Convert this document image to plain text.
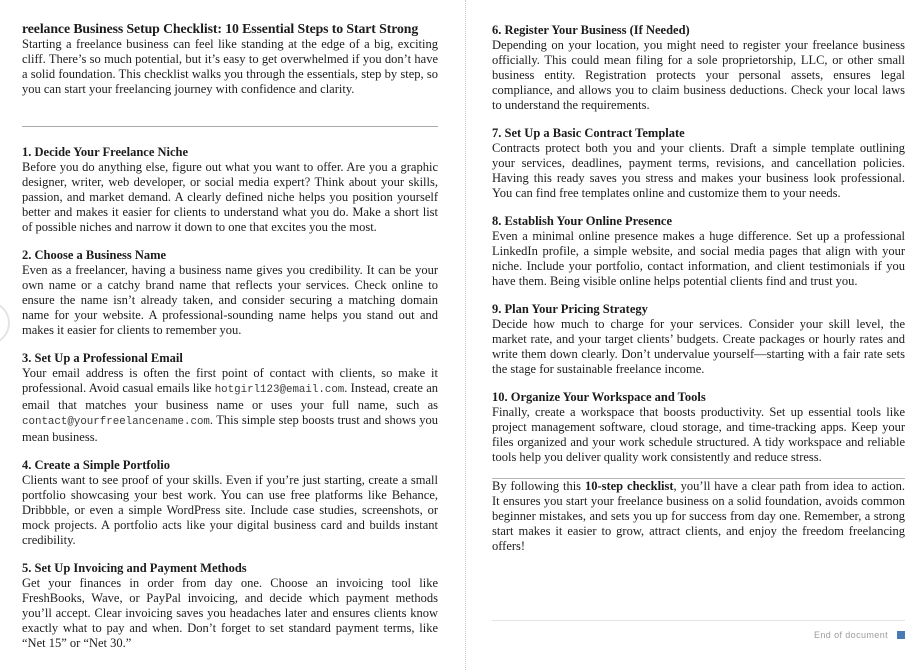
reelance Business Setup Checklist: 10 Essential Steps to Start Strong

Starting a freelance business can feel like standing at the edge of a big, exciting cliff. There’s so much potential, but it’s easy to get overwhelmed if you don’t have a solid foundation. This checklist walks you through the essentials, step by step, so you can start your freelancing journey with confidence and clarity.

1. Decide Your Freelance Niche

Before you do anything else, figure out what you want to offer. Are you a graphic designer, writer, web developer, or social media expert? Think about your skills, passion, and market demand. A clearly defined niche helps you position yourself better and makes it easier for clients to understand what you do. Make a short list of possible niches and narrow it down to one that excites you the most.

2. Choose a Business Name

Even as a freelancer, having a business name gives you credibility. It can be your own name or a catchy brand name that reflects your services. Check online to ensure the name isn’t already taken, and consider securing a matching domain name for your website. A professional-sounding name helps you stand out and makes it easier for clients to remember you.

3. Set Up a Professional Email

Your email address is often the first point of contact with clients, so make it professional. Avoid casual emails like hotgirl123@email.com. Instead, create an email that matches your business name or uses your full name, such as contact@yourfreelancename.com. This simple step boosts trust and shows you mean business.

4. Create a Simple Portfolio

Clients want to see proof of your skills. Even if you’re just starting, create a small portfolio showcasing your best work. You can use free platforms like Behance, Dribbble, or even a simple WordPress site. Include case studies, screenshots, or mock projects. A portfolio acts like your digital business card and builds instant credibility.

5. Set Up Invoicing and Payment Methods

Get your finances in order from day one. Choose an invoicing tool like FreshBooks, Wave, or PayPal invoicing, and decide which payment methods you’ll accept. Clear invoicing saves you headaches later and ensures clients know exactly what to pay and when. Don’t forget to set standard payment terms, like “Net 15” or “Net 30.”

6. Register Your Business (If Needed)

Depending on your location, you might need to register your freelance business officially. This could mean filing for a sole proprietorship, LLC, or other small business entity. Registration protects your personal assets, ensures legal compliance, and allows you to claim business deductions. Check your local laws to understand the requirements.

7. Set Up a Basic Contract Template

Contracts protect both you and your clients. Draft a simple template outlining your services, deadlines, payment terms, revisions, and cancellation policies. Having this ready saves you stress and makes your business look professional. You can find free templates online and customize them to your needs.

8. Establish Your Online Presence

Even a minimal online presence makes a huge difference. Set up a professional LinkedIn profile, a simple website, and social media pages that align with your niche. Include your portfolio, contact information, and client testimonials if you have them. Being visible online helps potential clients find and trust you.

9. Plan Your Pricing Strategy

Decide how much to charge for your services. Consider your skill level, the market rate, and your target clients’ budgets. Create packages or hourly rates and write them down clearly. Don’t undervalue yourself—starting with a fair rate sets the stage for sustainable freelance income.

10. Organize Your Workspace and Tools

Finally, create a workspace that boosts productivity. Set up essential tools like project management software, cloud storage, and time-tracking apps. Keep your files organized and your work schedule structured. A tidy workspace and reliable tools help you deliver quality work consistently and reduce stress.

By following this 10-step checklist, you’ll have a clear path from idea to action. It ensures you start your freelance business on a solid foundation, avoids common beginner mistakes, and sets you up for success from day one. Remember, a strong start makes it easier to grow, attract clients, and enjoy the freedom freelancing offers!

End of document
